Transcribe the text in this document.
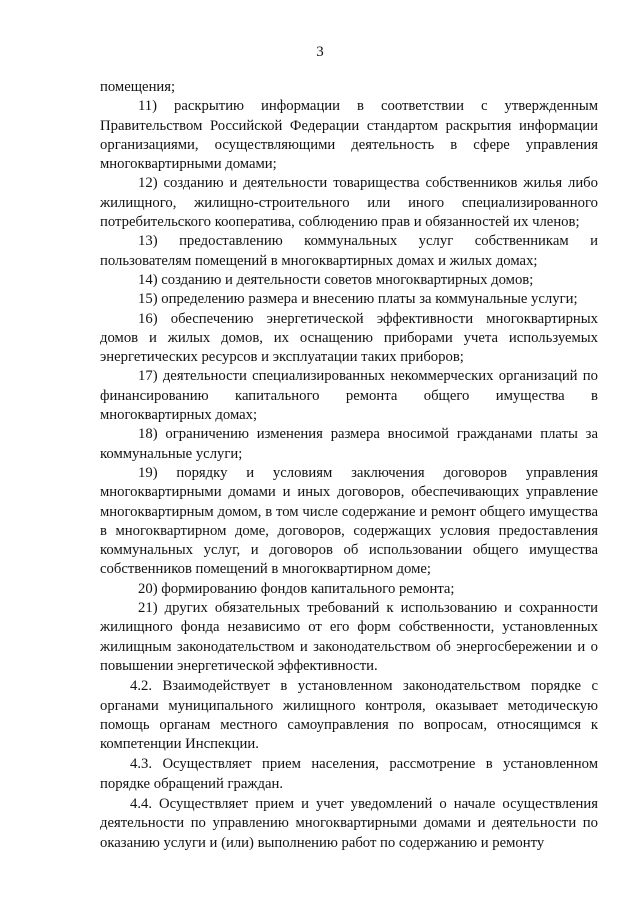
3

помещения;

11) раскрытию информации в соответствии с утвержденным Правительством Российской Федерации стандартом раскрытия информации организациями, осуществляющими деятельность в сфере управления многоквартирными домами;

12) созданию и деятельности товарищества собственников жилья либо жилищного, жилищно-строительного или иного специализированного потребительского кооператива, соблюдению прав и обязанностей их членов;

13) предоставлению коммунальных услуг собственникам и пользователям помещений в многоквартирных домах и жилых домах;

14) созданию и деятельности советов многоквартирных домов;

15) определению размера и внесению платы за коммунальные услуги;

16) обеспечению энергетической эффективности многоквартирных домов и жилых домов, их оснащению приборами учета используемых энергетических ресурсов и эксплуатации таких приборов;

17) деятельности специализированных некоммерческих организаций по финансированию капитального ремонта общего имущества в многоквартирных домах;

18) ограничению изменения размера вносимой гражданами платы за коммунальные услуги;

19) порядку и условиям заключения договоров управления многоквартирными домами и иных договоров, обеспечивающих управление многоквартирным домом, в том числе содержание и ремонт общего имущества в многоквартирном доме, договоров, содержащих условия предоставления коммунальных услуг, и договоров об использовании общего имущества собственников помещений в многоквартирном доме;

20) формированию фондов капитального ремонта;

21) других обязательных требований к использованию и сохранности жилищного фонда независимо от его форм собственности, установленных жилищным законодательством и законодательством об энергосбережении и о повышении энергетической эффективности.

4.2. Взаимодействует в установленном законодательством порядке с органами муниципального жилищного контроля, оказывает методическую помощь органам местного самоуправления по вопросам, относящимся к компетенции Инспекции.

4.3. Осуществляет прием населения, рассмотрение в установленном порядке обращений граждан.

4.4. Осуществляет прием и учет уведомлений о начале осуществления деятельности по управлению многоквартирными домами и деятельности по оказанию услуги и (или) выполнению работ по содержанию и ремонту
